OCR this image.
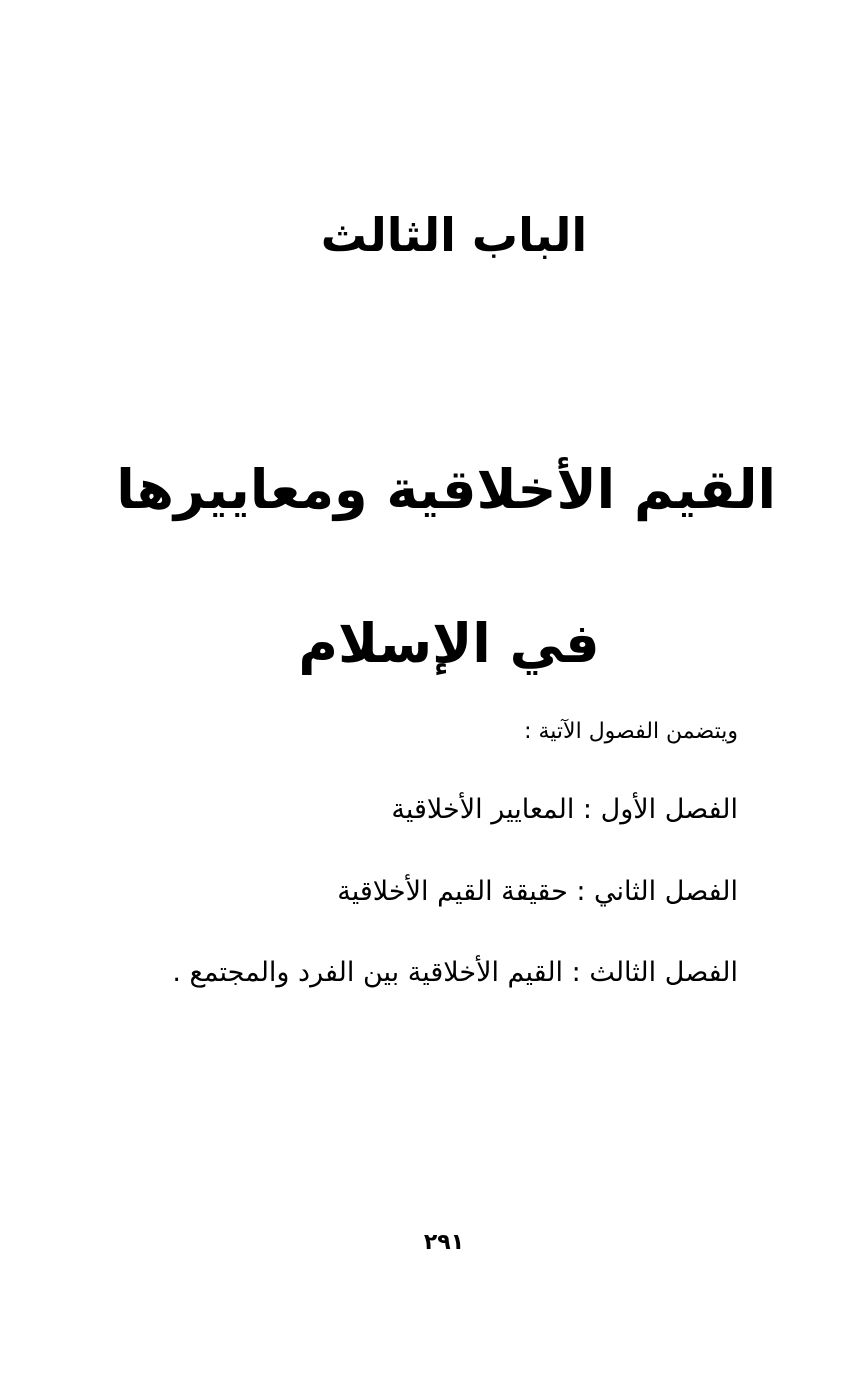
الباب الثالث
القيم الأخلاقية ومعاييرها
في الإسلام
ويتضمن الفصول الآتية :
الفصل الأول : المعايير الأخلاقية
الفصل الثاني : حقيقة القيم الأخلاقية
الفصل الثالث : القيم الأخلاقية بين الفرد والمجتمع .
٢٩١
